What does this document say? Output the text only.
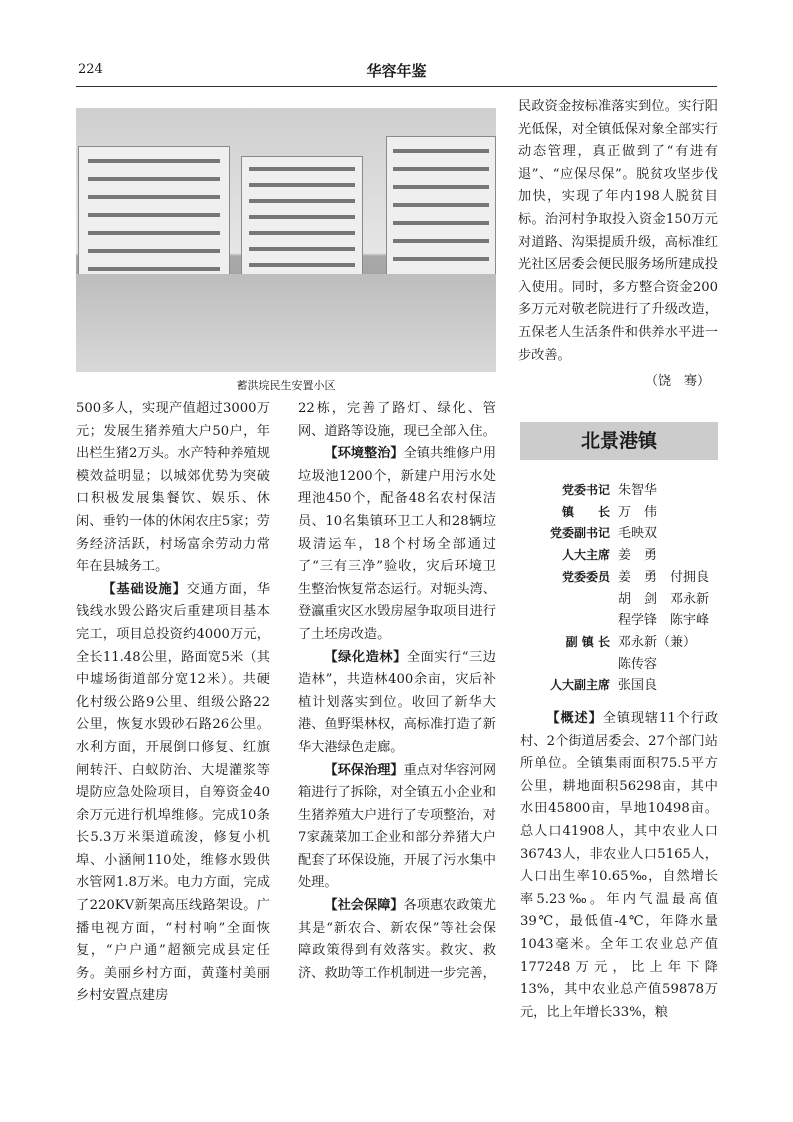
224	华容年鉴
蓄洪垸民生安置小区

500多人，实现产值超过3000万元；发展生猪养殖大户50户，年出栏生猪2万头。水产特种养殖规模效益明显；以城郊优势为突破口积极发展集餐饮、娱乐、休闲、垂钓一体的休闲农庄5家；劳务经济活跃，村场富余劳动力常年在县城务工。

【基础设施】交通方面，华钱线水毁公路灾后重建项目基本完工，项目总投资约4000万元，全长11.48公里，路面宽5米（其中墟场街道部分宽12米）。共硬化村级公路9公里、组级公路22公里，恢复水毁砂石路26公里。水利方面，开展倒口修复、红旗闸转汗、白蚁防治、大堤灌浆等堤防应急处险项目，自筹资金40余万元进行机埠维修。完成10条长5.3万米渠道疏浚，修复小机埠、小涵闸110处，维修水毁供水管网1.8万米。电力方面，完成了220KV新架高压线路架设。广播电视方面，“村村响”全面恢复，“户户通”超额完成县定任务。美丽乡村方面，黄蓬村美丽乡村安置点建房

22栋，完善了路灯、绿化、管网、道路等设施，现已全部入住。

【环境整治】全镇共维修户用垃圾池1200个，新建户用污水处理池450个，配备48名农村保洁员、10名集镇环卫工人和28辆垃圾清运车，18个村场全部通过了“三有三净”验收，灾后环境卫生整治恢复常态运行。对轭头湾、登瀛重灾区水毁房屋争取项目进行了土坯房改造。

【绿化造林】全面实行“三边造林”，共造林400余亩，灾后补植计划落实到位。收回了新华大港、鱼野渠林权，高标准打造了新华大港绿色走廊。

【环保治理】重点对华容河网箱进行了拆除，对全镇五小企业和生猪养殖大户进行了专项整治，对7家蔬菜加工企业和部分养猪大户配套了环保设施，开展了污水集中处理。

【社会保障】各项惠农政策尤其是“新农合、新农保”等社会保障政策得到有效落实。救灾、救济、救助等工作机制进一步完善，

民政资金按标准落实到位。实行阳光低保，对全镇低保对象全部实行动态管理，真正做到了“有进有退”、“应保尽保”。脱贫攻坚步伐加快，实现了年内198人脱贫目标。治河村争取投入资金150万元对道路、沟渠提质升级，高标准红光社区居委会便民服务场所建成投入使用。同时，多方整合资金200多万元对敬老院进行了升级改造，五保老人生活条件和供养水平进一步改善。

（饶　骞）
北景港镇
党委书记 朱智华
镇　　长 万　伟
党委副书记 毛映双
人大主席 姜　勇
党委委员 姜　勇　付拥良
胡　剑　邓永新
程学锋　陈宇峰
副 镇 长 邓永新（兼）
陈传容
人大副主席 张国良

【概述】全镇现辖11个行政村、2个街道居委会、27个部门站所单位。全镇集雨面积75.5平方公里，耕地面积56298亩，其中水田45800亩，旱地10498亩。总人口41908人，其中农业人口36743人，非农业人口5165人，人口出生率10.65‰，自然增长率5.23‰。年内气温最高值39℃，最低值-4℃，年降水量1043毫米。全年工农业总产值177248万元，比上年下降13%，其中农业总产值59878万元，比上年增长33%，粮
